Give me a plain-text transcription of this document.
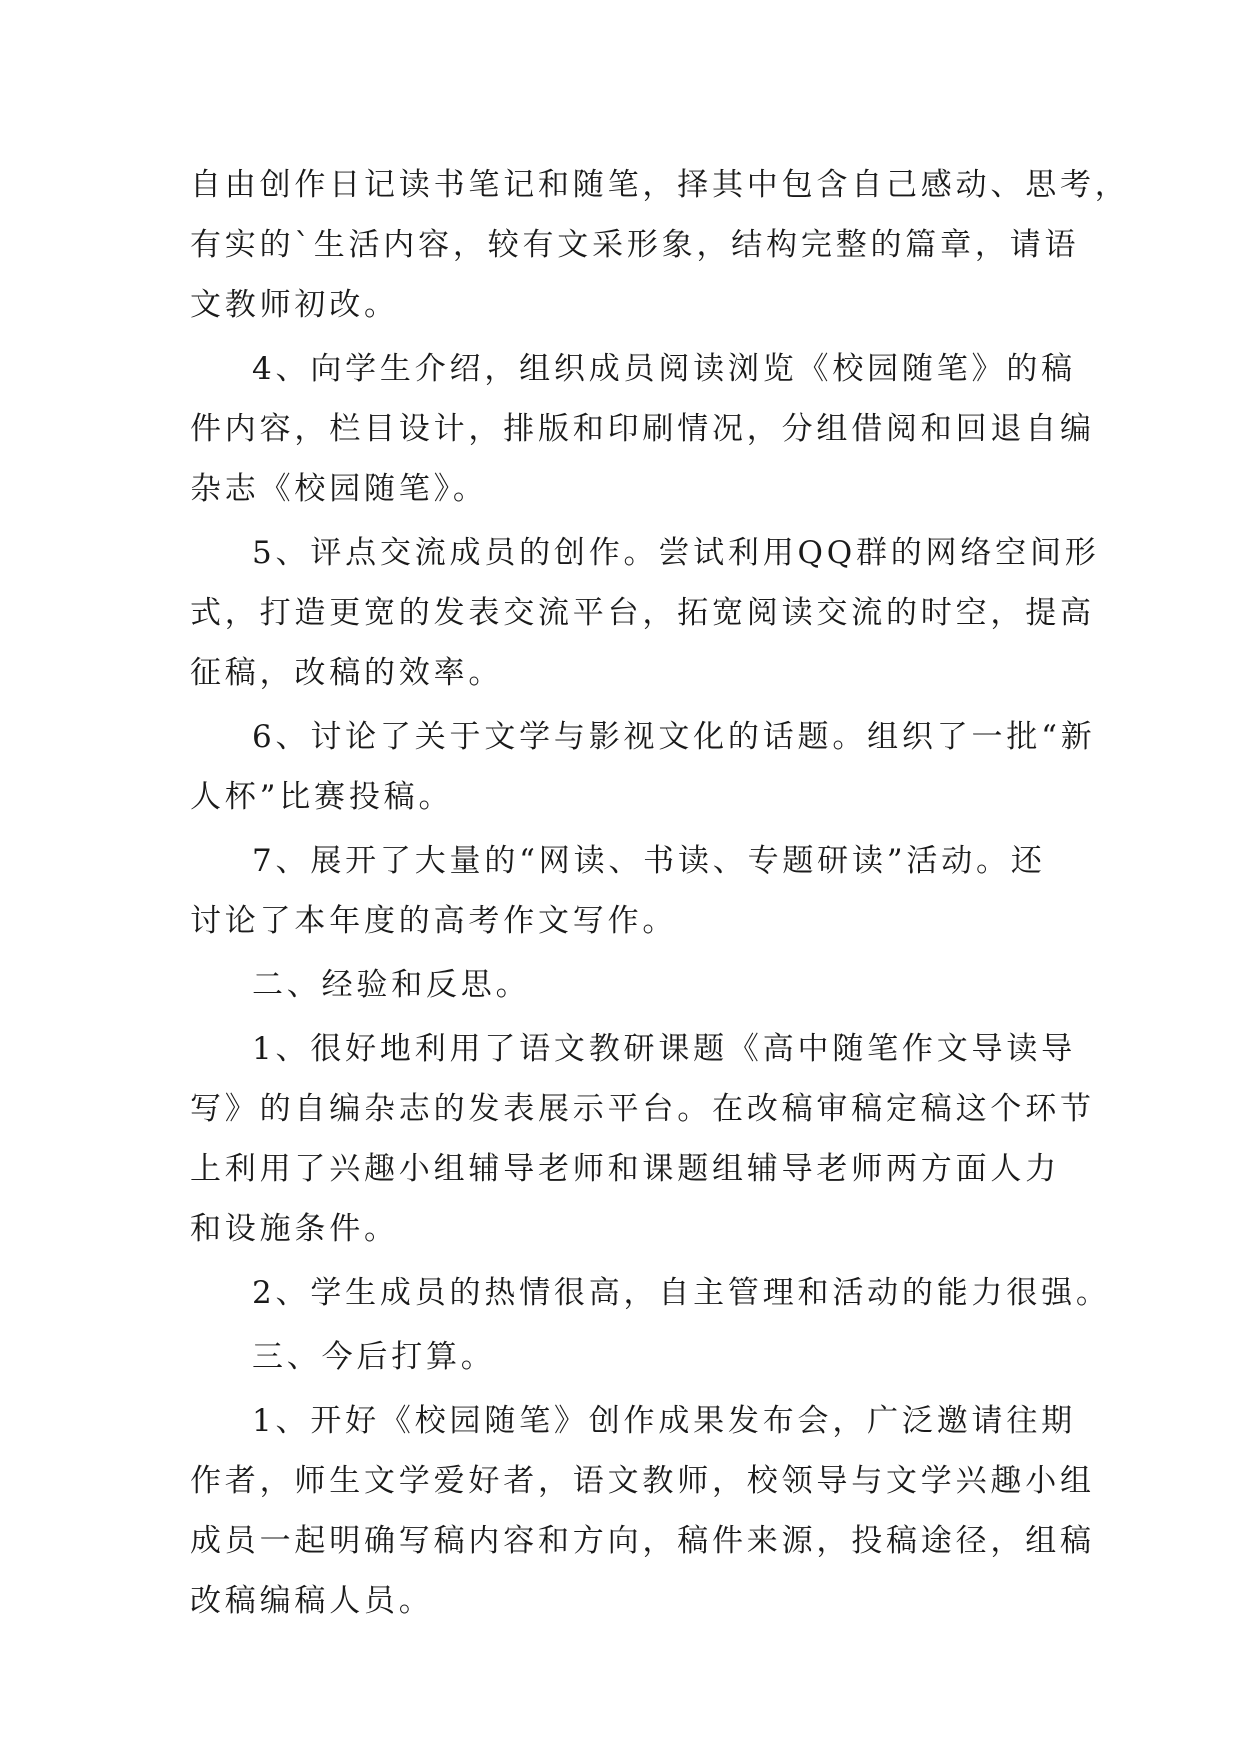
自由创作日记读书笔记和随笔，择其中包含自己感动、思考，
有实的`生活内容，较有文采形象，结构完整的篇章，请语
文教师初改。
4、向学生介绍，组织成员阅读浏览《校园随笔》的稿
件内容，栏目设计，排版和印刷情况，分组借阅和回退自编
杂志《校园随笔》。
5、评点交流成员的创作。尝试利用QQ群的网络空间形
式，打造更宽的发表交流平台，拓宽阅读交流的时空，提高
征稿，改稿的效率。
6、讨论了关于文学与影视文化的话题。组织了一批“新
人杯”比赛投稿。
7、展开了大量的“网读、书读、专题研读”活动。还
讨论了本年度的高考作文写作。
二、经验和反思。
1、很好地利用了语文教研课题《高中随笔作文导读导
写》的自编杂志的发表展示平台。在改稿审稿定稿这个环节
上利用了兴趣小组辅导老师和课题组辅导老师两方面人力
和设施条件。
2、学生成员的热情很高，自主管理和活动的能力很强。
三、今后打算。
1、开好《校园随笔》创作成果发布会，广泛邀请往期
作者，师生文学爱好者，语文教师，校领导与文学兴趣小组
成员一起明确写稿内容和方向，稿件来源，投稿途径，组稿
改稿编稿人员。
